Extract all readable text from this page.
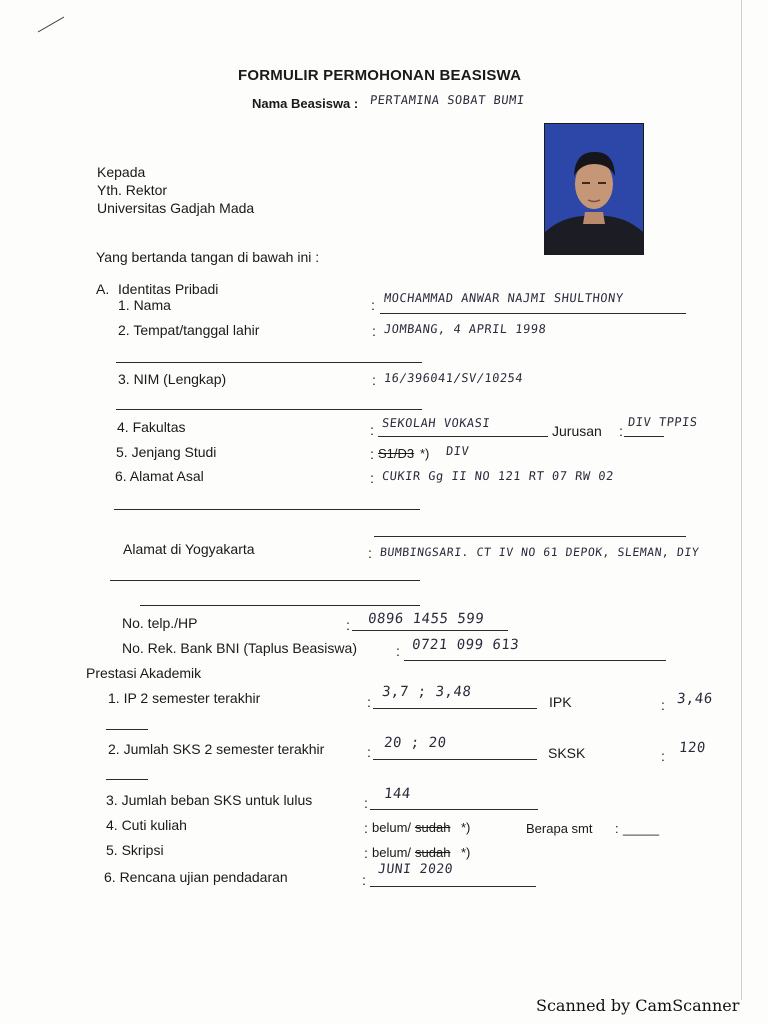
FORMULIR PERMOHONAN BEASISWA
Nama Beasiswa : PERTAMINA SOBAT BUMI
Kepada
Yth. Rektor
Universitas Gadjah Mada
Yang bertanda tangan di bawah ini :
A. Identitas Pribadi
1. Nama	: MOCHAMMAD ANWAR NAJMI SHULTHONY
2. Tempat/tanggal lahir	: JOMBANG, 4 APRIL 1998
3. NIM (Lengkap)	: 16/396041/SV/10254
4. Fakultas	: SEKOLAH VOKASI	Jurusan :
DIV TPPIS
5. Jenjang Studi	: S1/D3 *) DIV
6. Alamat Asal	: CUKIR Gg II NO 121 RT 07 RW 02
Alamat di Yogyakarta	: BUMBINGSARI. CT IV NO 61 DEPOK, SLEMAN, DIY
No. telp./HP	: 0896 1455 599
No. Rek. Bank BNI (Taplus Beasiswa)	: 0721 099 613
Prestasi Akademik
1. IP 2 semester terakhir	:
3,7 ; 3,48
IPK	: 3,46
2. Jumlah SKS 2 semester terakhir	:
20 ; 20
SKSK	: 120
3. Jumlah beban SKS untuk lulus	:
144
4. Cuti kuliah	: belum/ sudah *)	Berapa smt : _____
5. Skripsi	: belum/ sudah *)
6. Rencana ujian pendadaran	:
JUNI 2020
Scanned by CamScanner
